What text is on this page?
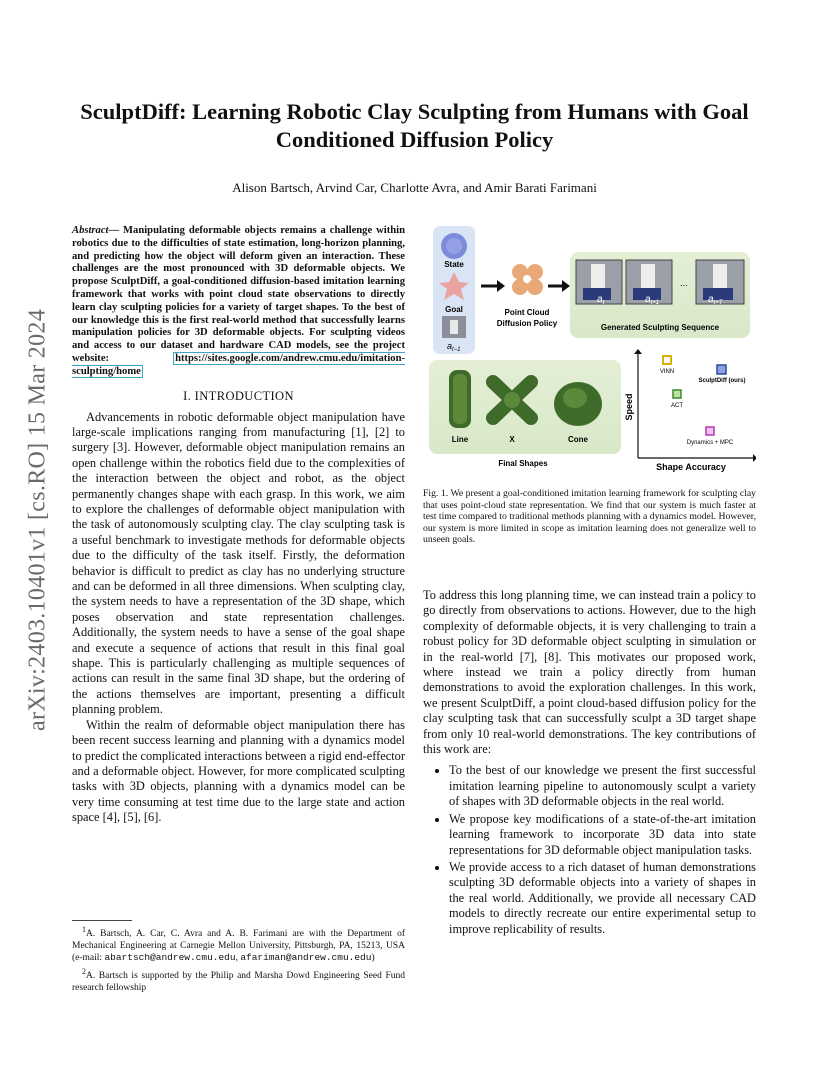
arXiv:2403.10401v1 [cs.RO] 15 Mar 2024
SculptDiff: Learning Robotic Clay Sculpting from Humans with Goal Conditioned Diffusion Policy
Alison Bartsch, Arvind Car, Charlotte Avra, and Amir Barati Farimani

Abstract— Manipulating deformable objects remains a challenge within robotics due to the difficulties of state estimation, long-horizon planning, and predicting how the object will deform given an interaction. These challenges are the most pronounced with 3D deformable objects. We propose SculptDiff, a goal-conditioned diffusion-based imitation learning framework that works with point cloud state observations to directly learn clay sculpting policies for a variety of target shapes. To the best of our knowledge this is the first real-world method that successfully learns manipulation policies for 3D deformable objects. For sculpting videos and access to our dataset and hardware CAD models, see the project website: https://sites.google.com/andrew.cmu.edu/imitation-sculpting/home

I. INTRODUCTION

Advancements in robotic deformable object manipulation have large-scale implications ranging from manufacturing [1], [2] to surgery [3]. However, deformable object manipulation remains an open challenge within the robotics field due to the complexities of the interaction between the object and robot, as the object permanently changes shape with each grasp. In this work, we aim to explore the challenges of deformable object manipulation with the task of autonomously sculpting clay. The clay sculpting task is a useful benchmark to investigate methods for deformable objects due to the difficulty of the task itself. Firstly, the deformation behavior is difficult to predict as clay has no underlying structure and can be deformed in all three dimensions. When sculpting clay, the system needs to have a representation of the 3D shape, which poses observation and state representation challenges. Additionally, the system needs to have a sense of the goal shape and execute a sequence of actions that result in this final goal shape. This is particularly challenging as multiple sequences of actions can result in the same final 3D shape, but the ordering of the actions themselves are important, presenting a difficult planning problem.

Within the realm of deformable object manipulation there has been recent success learning and planning with a dynamics model to predict the complicated interactions between a rigid end-effector and a deformable object. However, for more complicated sculpting tasks with 3D objects, planning with a dynamics model can be very time consuming at test time due to the large state and action space [4], [5], [6].

$^1$A. Bartsch, A. Car, C. Avra and A. B. Farimani are with the Department of Mechanical Engineering at Carnegie Mellon University, Pittsburgh, PA, 15213, USA (e-mail: abartsch@andrew.cmu.edu, afariman@andrew.cmu.edu)

$^2$A. Bartsch is supported by the Philip and Marsha Dowd Engineering Seed Fund research fellowship

State
Goal
$a_{t-1}$
Point Cloud
Diffusion Policy
$a_t$	$a_{t+1}$
...
$a_{t+T}$
Generated Sculpting Sequence
Line	X	Cone
Final Shapes
Speed
Shape Accuracy
VINN
SculptDiff (ours)
ACT
Dynamics + MPC
Fig. 1. We present a goal-conditioned imitation learning framework for sculpting clay that uses point-cloud state representation. We find that our system is much faster at test time compared to traditional methods planning with a dynamics model. However, our system is more limited in scope as imitation learning does not generalize well to unseen goals.

To address this long planning time, we can instead train a policy to go directly from observations to actions. However, due to the high complexity of deformable objects, it is very challenging to train a robust policy for 3D deformable object sculpting in simulation or in the real-world [7], [8]. This motivates our proposed work, where instead we train a policy directly from human demonstrations to avoid the exploration challenges. In this work, we present SculptDiff, a point cloud-based diffusion policy for the clay sculpting task that can successfully sculpt a 3D target shape from only 10 real-world demonstrations. The key contributions of this work are:

• To the best of our knowledge we present the first successful imitation learning pipeline to autonomously sculpt a variety of shapes with 3D deformable objects in the real world.
• We propose key modifications of a state-of-the-art imitation learning framework to incorporate 3D data into state representations for 3D deformable object manipulation tasks.
• We provide access to a rich dataset of human demonstrations sculpting 3D deformable objects into a variety of shapes in the real world. Additionally, we provide all necessary CAD models to directly recreate our entire experimental setup to improve replicability of results.
